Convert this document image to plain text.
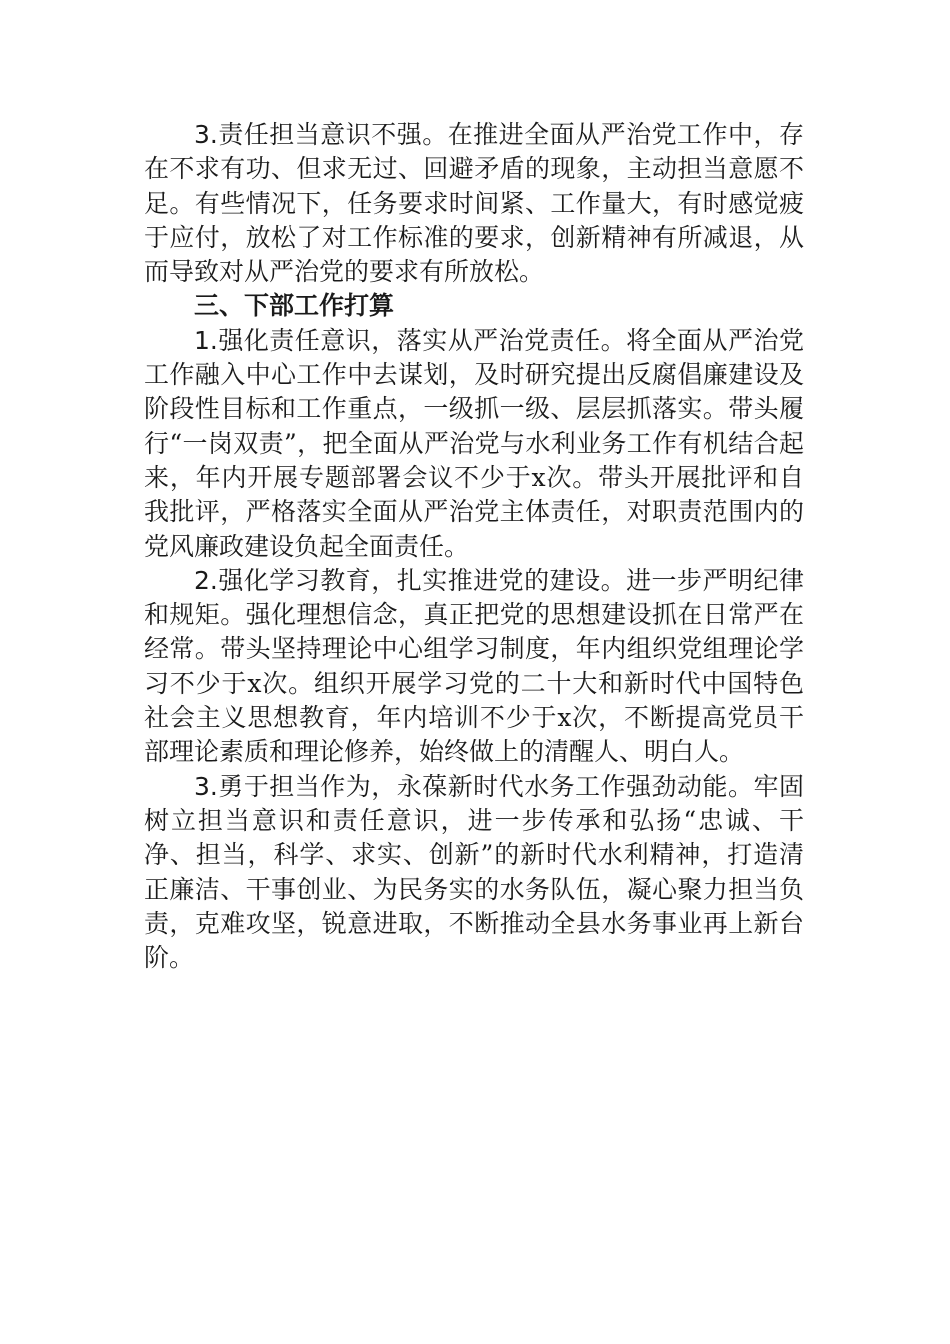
3.责任担当意识不强。在推进全面从严治党工作中，存在不求有功、但求无过、回避矛盾的现象，主动担当意愿不足。有些情况下，任务要求时间紧、工作量大，有时感觉疲于应付，放松了对工作标准的要求，创新精神有所减退，从而导致对从严治党的要求有所放松。

三、下部工作打算

1.强化责任意识，落实从严治党责任。将全面从严治党工作融入中心工作中去谋划，及时研究提出反腐倡廉建设及阶段性目标和工作重点，一级抓一级、层层抓落实。带头履行“一岗双责”，把全面从严治党与水利业务工作有机结合起来，年内开展专题部署会议不少于x次。带头开展批评和自我批评，严格落实全面从严治党主体责任，对职责范围内的党风廉政建设负起全面责任。

2.强化学习教育，扎实推进党的建设。进一步严明纪律和规矩。强化理想信念，真正把党的思想建设抓在日常严在经常。带头坚持理论中心组学习制度，年内组织党组理论学习不少于x次。组织开展学习党的二十大和新时代中国特色社会主义思想教育，年内培训不少于x次，不断提高党员干部理论素质和理论修养，始终做上的清醒人、明白人。

3.勇于担当作为，永葆新时代水务工作强劲动能。牢固树立担当意识和责任意识，进一步传承和弘扬“忠诚、干净、担当，科学、求实、创新”的新时代水利精神，打造清正廉洁、干事创业、为民务实的水务队伍，凝心聚力担当负责，克难攻坚，锐意进取，不断推动全县水务事业再上新台阶。
